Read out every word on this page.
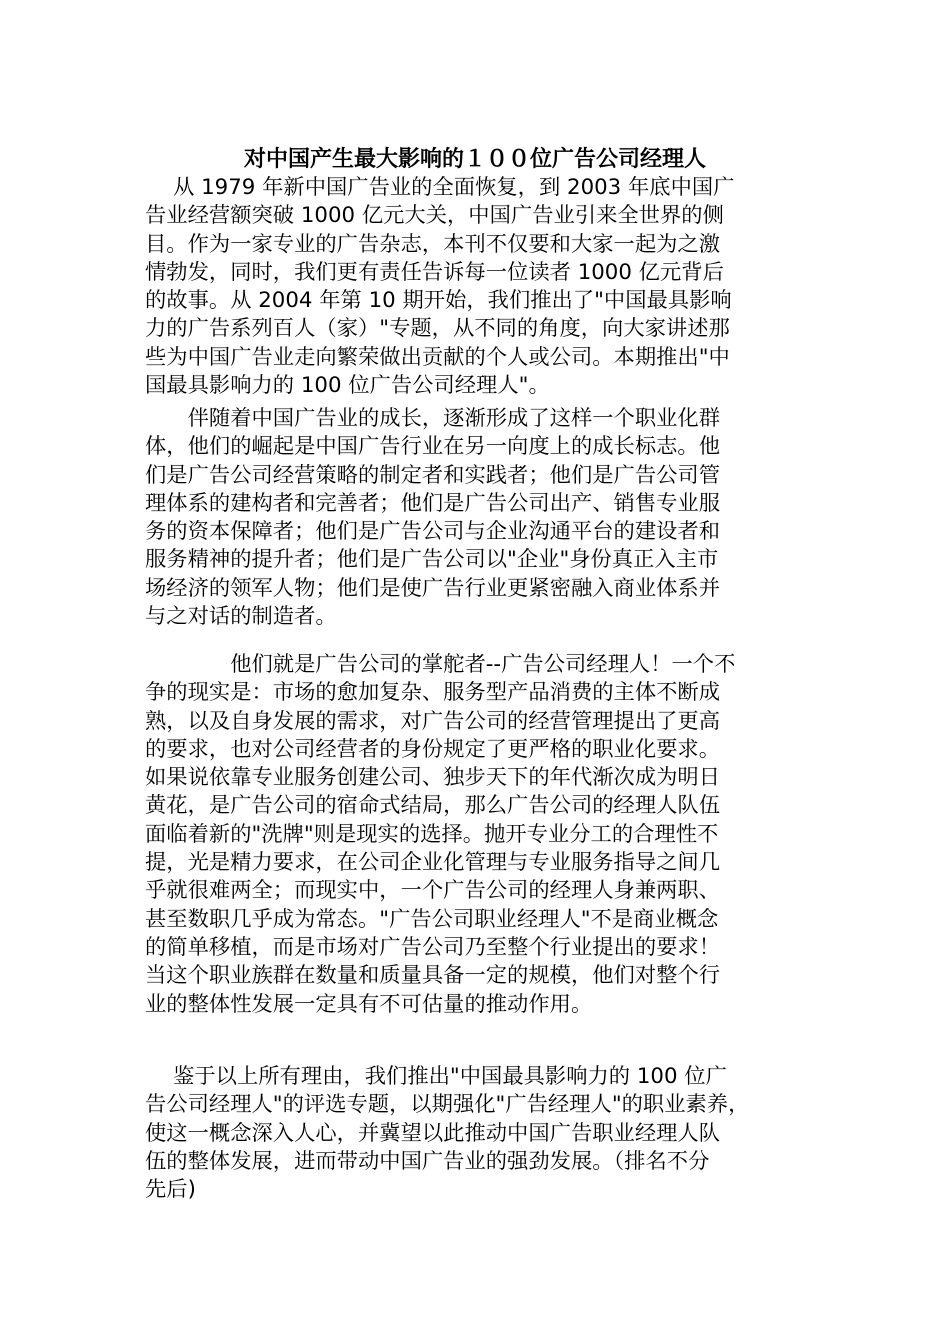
对中国产生最大影响的１００位广告公司经理人

　 从 1979 年新中国广告业的全面恢复，到 2003 年底中国广
告业经营额突破 1000 亿元大关，中国广告业引来全世界的侧
目。作为一家专业的广告杂志，本刊不仅要和大家一起为之激
情勃发，同时，我们更有责任告诉每一位读者 1000 亿元背后
的故事。从 2004 年第 10 期开始，我们推出了"中国最具影响
力的广告系列百人（家）"专题，从不同的角度，向大家讲述那
些为中国广告业走向繁荣做出贡献的个人或公司。本期推出"中
国最具影响力的 100 位广告公司经理人"。

　　伴随着中国广告业的成长，逐渐形成了这样一个职业化群
体，他们的崛起是中国广告行业在另一向度上的成长标志。他
们是广告公司经营策略的制定者和实践者；他们是广告公司管
理体系的建构者和完善者；他们是广告公司出产、销售专业服
务的资本保障者；他们是广告公司与企业沟通平台的建设者和
服务精神的提升者；他们是广告公司以"企业"身份真正入主市
场经济的领军人物；他们是使广告行业更紧密融入商业体系并
与之对话的制造者。

　　　　他们就是广告公司的掌舵者--广告公司经理人！一个不
争的现实是：市场的愈加复杂、服务型产品消费的主体不断成
熟，以及自身发展的需求，对广告公司的经营管理提出了更高
的要求，也对公司经营者的身份规定了更严格的职业化要求。
如果说依靠专业服务创建公司、独步天下的年代渐次成为明日
黄花，是广告公司的宿命式结局，那么广告公司的经理人队伍
面临着新的"洗牌"则是现实的选择。抛开专业分工的合理性不
提，光是精力要求，在公司企业化管理与专业服务指导之间几
乎就很难两全；而现实中，一个广告公司的经理人身兼两职、
甚至数职几乎成为常态。"广告公司职业经理人"不是商业概念
的简单移植，而是市场对广告公司乃至整个行业提出的要求！
当这个职业族群在数量和质量具备一定的规模，他们对整个行
业的整体性发展一定具有不可估量的推动作用。

　 鉴于以上所有理由，我们推出"中国最具影响力的 100 位广
告公司经理人"的评选专题，以期强化"广告经理人"的职业素养，
使这一概念深入人心，并冀望以此推动中国广告职业经理人队
伍的整体发展，进而带动中国广告业的强劲发展。（排名不分
先后)
